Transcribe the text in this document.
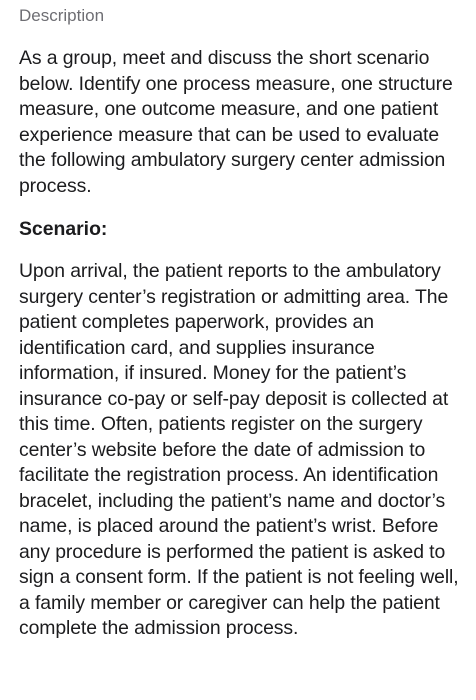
Description

As a group, meet and discuss the short scenario below. Identify one process measure, one structure measure, one outcome measure, and one patient experience measure that can be used to evaluate the following ambulatory surgery center admission process.

Scenario:

Upon arrival, the patient reports to the ambulatory surgery center’s registration or admitting area. The patient completes paperwork, provides an identification card, and supplies insurance information, if insured. Money for the patient’s insurance co-pay or self-pay deposit is collected at this time. Often, patients register on the surgery center’s website before the date of admission to facilitate the registration process. An identification bracelet, including the patient’s name and doctor’s name, is placed around the patient’s wrist. Before any procedure is performed the patient is asked to sign a consent form. If the patient is not feeling well, a family member or caregiver can help the patient complete the admission process.
